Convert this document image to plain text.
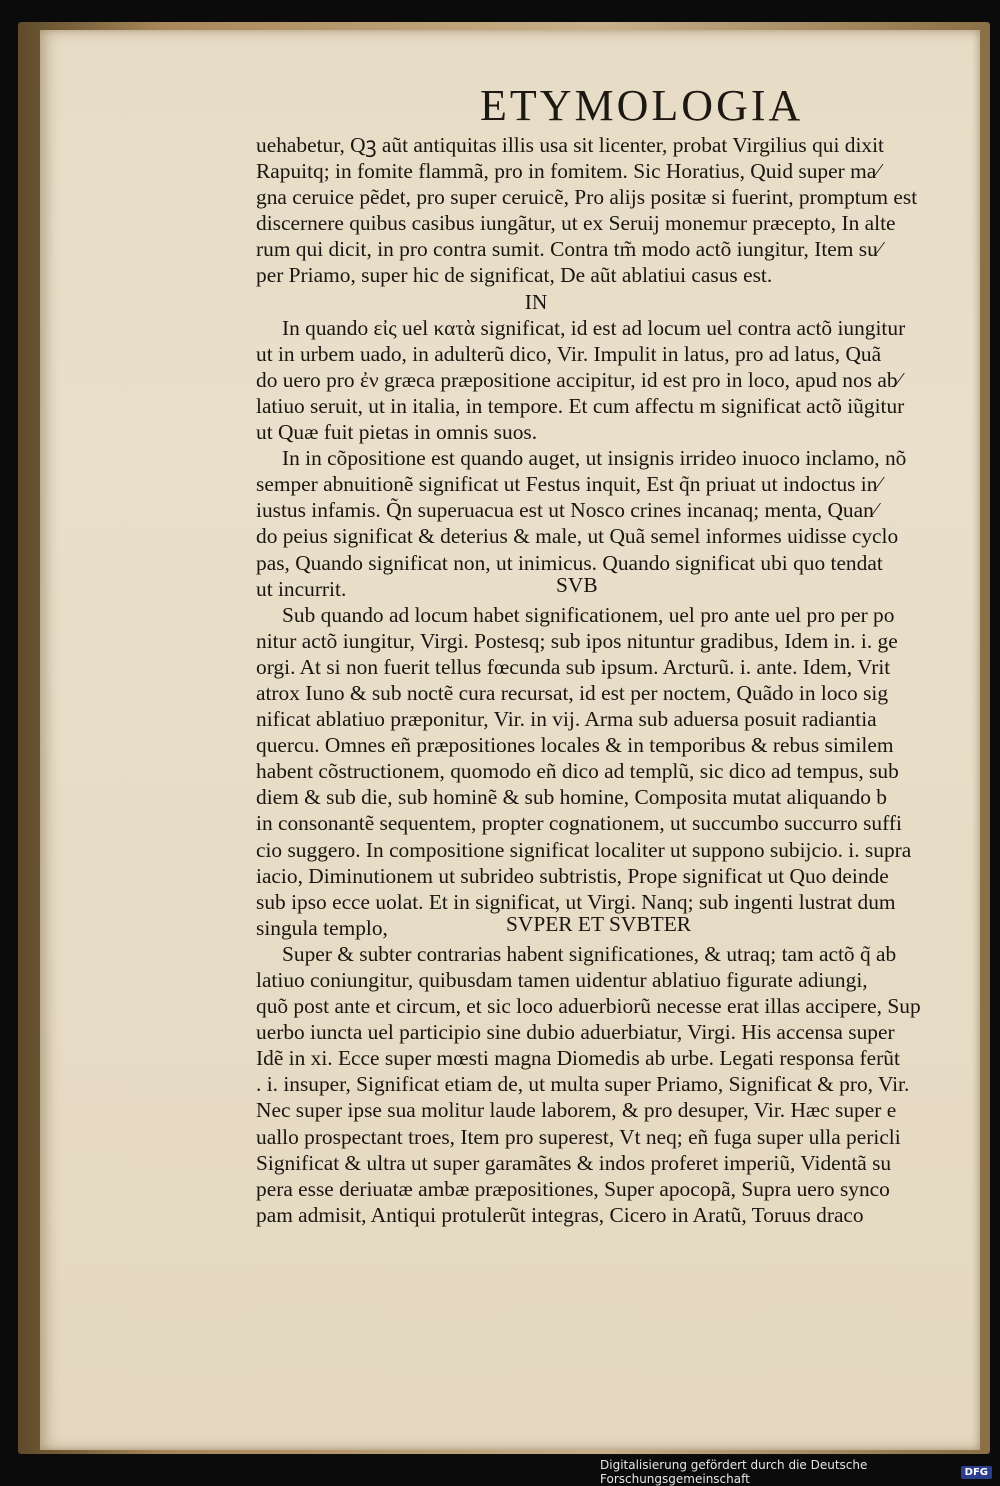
ETYMOLOGIA
uehabetur, Qꝫ aũt antiquitas illis usa sit licenter, probat Virgilius qui dixit
Rapuitq; in fomite flammã, pro in fomitem. Sic Horatius, Quid super ma⁄
gna ceruice pẽdet, pro super ceruicẽ, Pro alijs positæ si fuerint, promptum est
discernere quibus casibus iungãtur, ut ex Seruij monemur præcepto, In alte
rum qui dicit, in pro contra sumit. Contra tm̃ modo actõ iungitur, Item su⁄
per Priamo, super hic de significat, De aũt ablatiui casus est.
IN
In quando εἰς uel κατὰ significat, id est ad locum uel contra actõ iungitur
ut in urbem uado, in adulterũ dico, Vir. Impulit in latus, pro ad latus, Quã
do uero pro ἐν græca præpositione accipitur, id est pro in loco, apud nos ab⁄
latiuo seruit, ut in italia, in tempore. Et cum affectu m significat actõ iũgitur
ut Quæ fuit pietas in omnis suos.
In in cõpositione est quando auget, ut insignis irrideo inuoco inclamo, nõ
semper abnuitionẽ significat ut Festus inquit, Est q̃n priuat ut indoctus in⁄
iustus infamis. Q̃n superuacua est ut Nosco crines incanaq; menta, Quan⁄
do peius significat & deterius & male, ut Quã semel informes uidisse cyclo
pas, Quando significat non, ut inimicus. Quando significat ubi quo tendat
ut incurrit.	SVB
Sub quando ad locum habet significationem, uel pro ante uel pro per po
nitur actõ iungitur, Virgi. Postesq; sub ipos nituntur gradibus, Idem in. i. ge
orgi. At si non fuerit tellus fœcunda sub ipsum. Arcturũ. i. ante. Idem, Vrit
atrox Iuno & sub noctẽ cura recursat, id est per noctem, Quãdo in loco sig
nificat ablatiuo præponitur, Vir. in vij. Arma sub aduersa posuit radiantia
quercu. Omnes eñ præpositiones locales & in temporibus & rebus similem
habent cõstructionem, quomodo eñ dico ad templũ, sic dico ad tempus, sub
diem & sub die, sub hominẽ & sub homine, Composita mutat aliquando b
in consonantẽ sequentem, propter cognationem, ut succumbo succurro suffi
cio suggero. In compositione significat localiter ut suppono subijcio. i. supra
iacio, Diminutionem ut subrideo subtristis, Prope significat ut Quo deinde
sub ipso ecce uolat. Et in significat, ut Virgi. Nanq; sub ingenti lustrat dum
singula templo,	SVPER ET SVBTER
Super & subter contrarias habent significationes, & utraq; tam actõ q̃ ab
latiuo coniungitur, quibusdam tamen uidentur ablatiuo figurate adiungi,
quõ post ante et circum, et sic loco aduerbiorũ necesse erat illas accipere, Sup
uerbo iuncta uel participio sine dubio aduerbiatur, Virgi. His accensa super
Idẽ in xi. Ecce super mœsti magna Diomedis ab urbe. Legati responsa ferũt
. i. insuper, Significat etiam de, ut multa super Priamo, Significat & pro, Vir.
Nec super ipse sua molitur laude laborem, & pro desuper, Vir. Hæc super e
uallo prospectant troes, Item pro superest, Vt neq; eñ fuga super ulla pericli
Significat & ultra ut super garamãtes & indos proferet imperiũ, Videntã su
pera esse deriuatæ ambæ præpositiones, Super apocopã, Supra uero synco
pam admisit, Antiqui protulerũt integras, Cicero in Aratũ, Toruus draco
Digitalisierung gefördert durch die Deutsche Forschungsgemeinschaft	DFG
